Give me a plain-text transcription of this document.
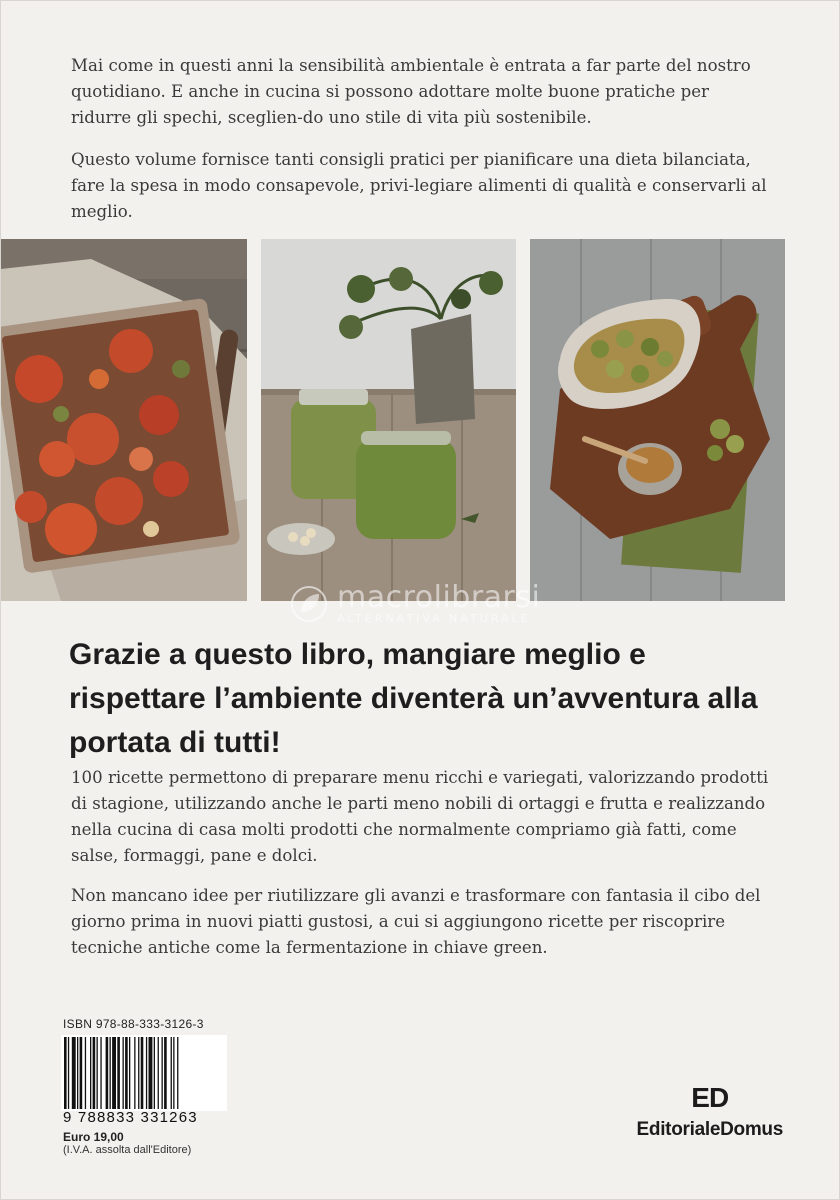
Mai come in questi anni la sensibilità ambientale è entrata a far parte del nostro quotidiano. E anche in cucina si possono adottare molte buone pratiche per ridurre gli spechi, sceglien-do uno stile di vita più sostenibile.

Questo volume fornisce tanti consigli pratici per pianificare una dieta bilanciata, fare la spesa in modo consapevole, privi-legiare alimenti di qualità e conservarli al meglio.

macrolibrarsi
ALTERNATIVA NATURALE
Grazie a questo libro, mangiare meglio e rispettare l’ambiente diventerà un’avventura alla portata di tutti!

100 ricette permettono di preparare menu ricchi e variegati, valorizzando prodotti di stagione, utilizzando anche le parti meno nobili di ortaggi e frutta e realizzando nella cucina di casa molti prodotti che normalmente compriamo già fatti, come salse, formaggi, pane e dolci.

Non mancano idee per riutilizzare gli avanzi e trasformare con fantasia il cibo del giorno prima in nuovi piatti gustosi, a cui si aggiungono ricette per riscoprire tecniche antiche come la fermentazione in chiave green.

ISBN 978-88-333-3126-3
9 788833 331263
Euro 19,00
(I.V.A. assolta dall'Editore)
ED
EditorialeDomus
